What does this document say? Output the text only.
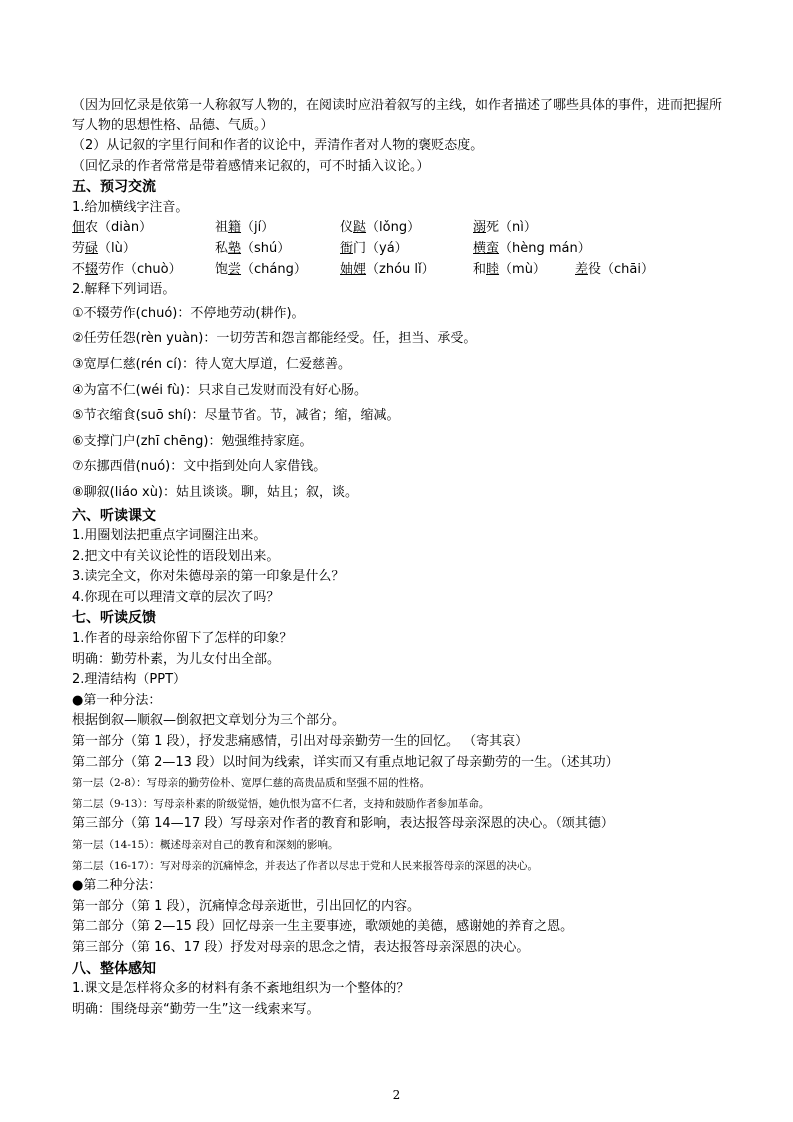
（因为回忆录是依第一人称叙写人物的，在阅读时应沿着叙写的主线，如作者描述了哪些具体的事件，进而把握所写人物的思想性格、品德、气质。）
（2）从记叙的字里行间和作者的议论中，弄清作者对人物的褒贬态度。
（回忆录的作者常常是带着感情来记叙的，可不时插入议论。）
五、预习交流
1.给加横线字注音。
佃农（diàn）	祖籍（jí）	仪跶（lǒng）	溺死（nì）
劳碌（lù）	私塾（shú）	衙门（yá）	横蛮（hèng mán）
不辍劳作（chuò）	饱尝（cháng）	妯娌（zhóu lǐ）	和睦（mù）	差役（chāi）
2.解释下列词语。
①不辍劳作(chuó)：不停地劳动(耕作)。
②任劳任怨(rèn yuàn)：一切劳苦和怨言都能经受。任，担当、承受。
③宽厚仁慈(rén cí)：待人宽大厚道，仁爱慈善。
④为富不仁(wéi fù)：只求自己发财而没有好心肠。
⑤节衣缩食(suō shí)：尽量节省。节，减省；缩，缩减。
⑥支撑门户(zhī chēng)：勉强维持家庭。
⑦东挪西借(nuó)：文中指到处向人家借钱。
⑧聊叙(liáo xù)：姑且谈谈。聊，姑且；叙，谈。
六、听读课文
1.用圈划法把重点字词圈注出来。
2.把文中有关议论性的语段划出来。
3.读完全文，你对朱德母亲的第一印象是什么？
4.你现在可以理清文章的层次了吗？
七、听读反馈
1.作者的母亲给你留下了怎样的印象？
明确：勤劳朴素，为儿女付出全部。
2.理清结构（PPT）
●第一种分法：
根据倒叙—顺叙—倒叙把文章划分为三个部分。
第一部分（第 1 段），抒发悲痛感情，引出对母亲勤劳一生的回忆。 （寄其哀）
第二部分（第 2—13 段）以时间为线索，详实而又有重点地记叙了母亲勤劳的一生。（述其功）
第一层（2-8）：写母亲的勤劳俭朴、宽厚仁慈的高贵品质和坚强不屈的性格。
第二层（9-13）：写母亲朴素的阶级觉悟，她仇恨为富不仁者，支持和鼓励作者参加革命。
第三部分（第 14—17 段）写母亲对作者的教育和影响，表达报答母亲深恩的决心。（颂其德）
第一层（14-15）：概述母亲对自己的教育和深刻的影响。
第二层（16-17）：写对母亲的沉痛悼念，并表达了作者以尽忠于党和人民来报答母亲的深恩的决心。
●第二种分法：
第一部分（第 1 段），沉痛悼念母亲逝世，引出回忆的内容。
第二部分（第 2—15 段）回忆母亲一生主要事迹，歌颂她的美德，感谢她的养育之恩。
第三部分（第 16、17 段）抒发对母亲的思念之情，表达报答母亲深恩的决心。
八、整体感知
1.课文是怎样将众多的材料有条不紊地组织为一个整体的？
明确：围绕母亲“勤劳一生”这一线索来写。
2
